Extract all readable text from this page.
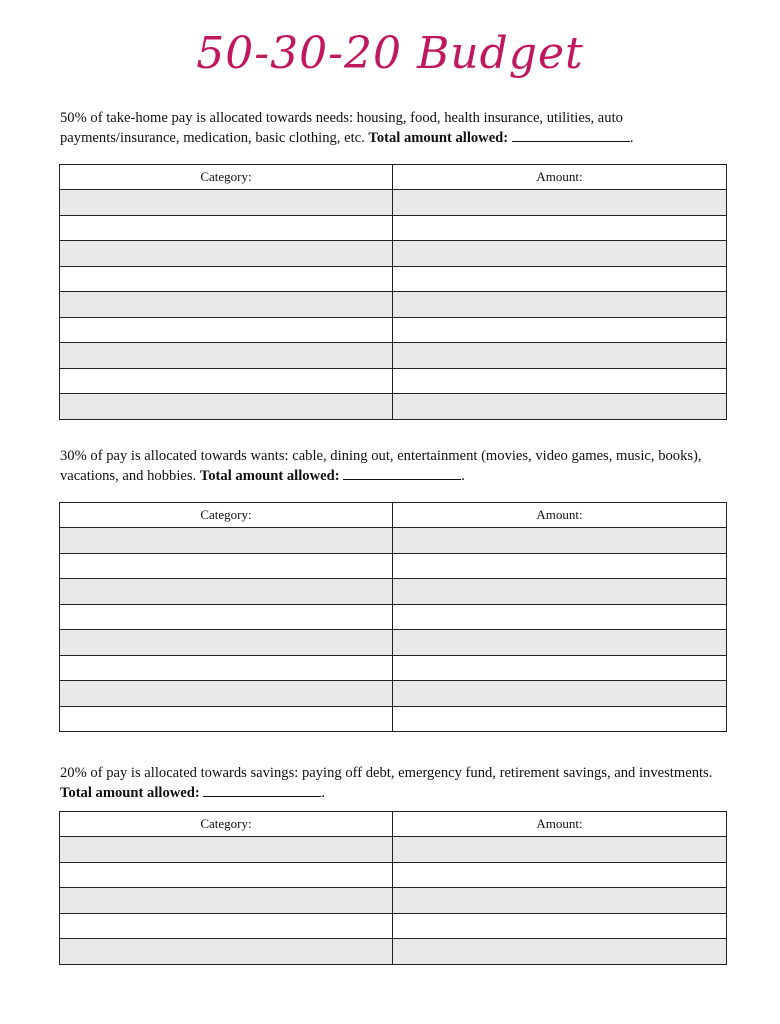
50-30-20 Budget

50% of take-home pay is allocated towards needs: housing, food, health insurance, utilities, auto payments/insurance, medication, basic clothing, etc. Total amount allowed:	.

Category:	Amount:

30% of pay is allocated towards wants: cable, dining out, entertainment (movies, video games, music, books), vacations, and hobbies. Total amount allowed:	.

Category:	Amount:

20% of pay is allocated towards savings: paying off debt, emergency fund, retirement savings, and investments. Total amount allowed:	.

Category:	Amount:
